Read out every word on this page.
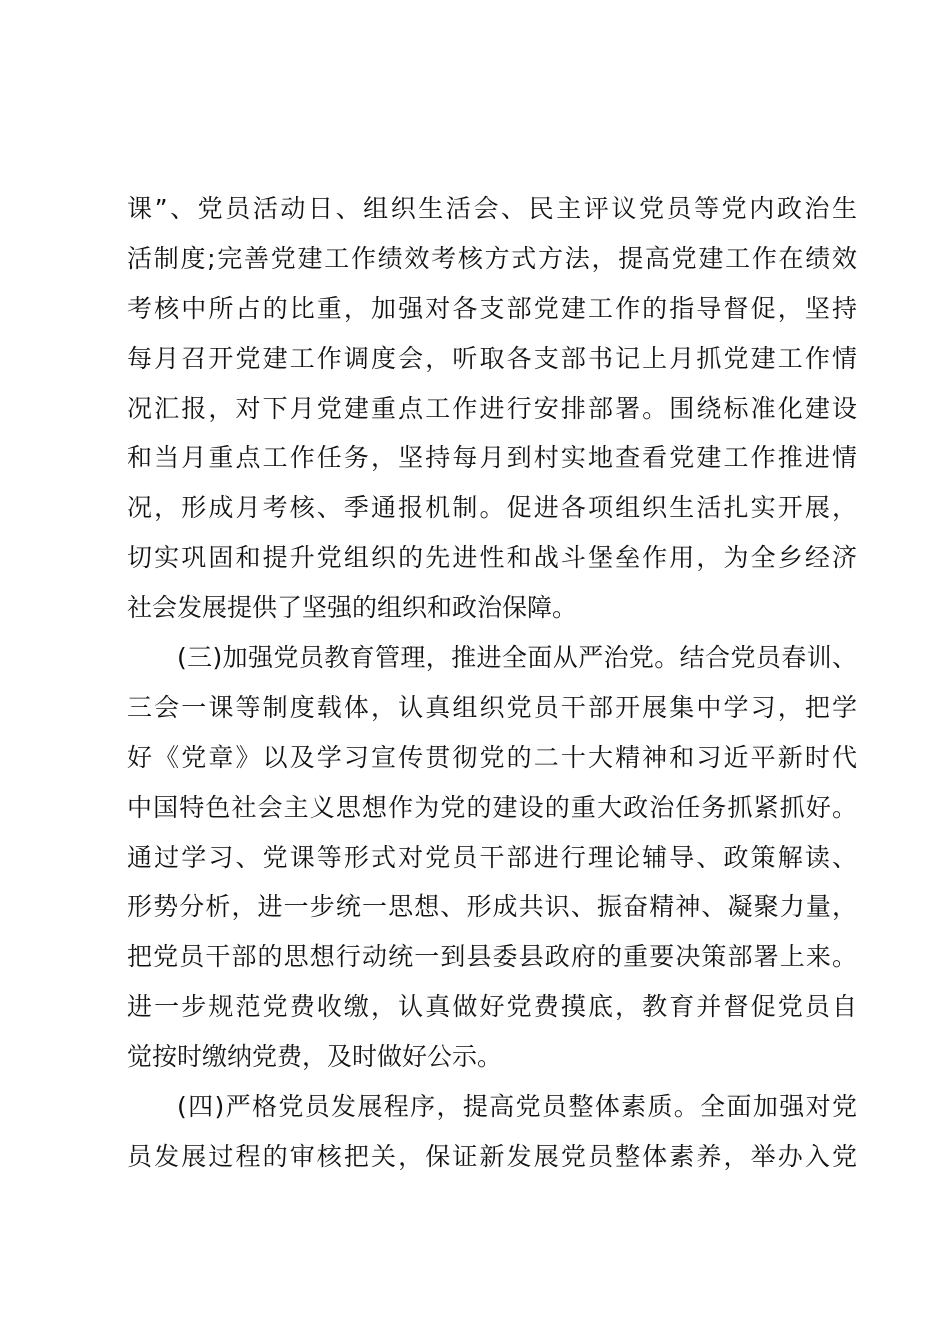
课”、党员活动日、组织生活会、民主评议党员等党内政治生
活制度;完善党建工作绩效考核方式方法，提高党建工作在绩效
考核中所占的比重，加强对各支部党建工作的指导督促，坚持
每月召开党建工作调度会，听取各支部书记上月抓党建工作情
况汇报，对下月党建重点工作进行安排部署。围绕标准化建设
和当月重点工作任务，坚持每月到村实地查看党建工作推进情
况，形成月考核、季通报机制。促进各项组织生活扎实开展，
切实巩固和提升党组织的先进性和战斗堡垒作用，为全乡经济
社会发展提供了坚强的组织和政治保障。
(三)加强党员教育管理，推进全面从严治党。结合党员春训、
三会一课等制度载体，认真组织党员干部开展集中学习，把学
好《党章》以及学习宣传贯彻党的二十大精神和习近平新时代
中国特色社会主义思想作为党的建设的重大政治任务抓紧抓好。
通过学习、党课等形式对党员干部进行理论辅导、政策解读、
形势分析，进一步统一思想、形成共识、振奋精神、凝聚力量，
把党员干部的思想行动统一到县委县政府的重要决策部署上来。
进一步规范党费收缴，认真做好党费摸底，教育并督促党员自
觉按时缴纳党费，及时做好公示。
(四)严格党员发展程序，提高党员整体素质。全面加强对党
员发展过程的审核把关，保证新发展党员整体素养，举办入党
